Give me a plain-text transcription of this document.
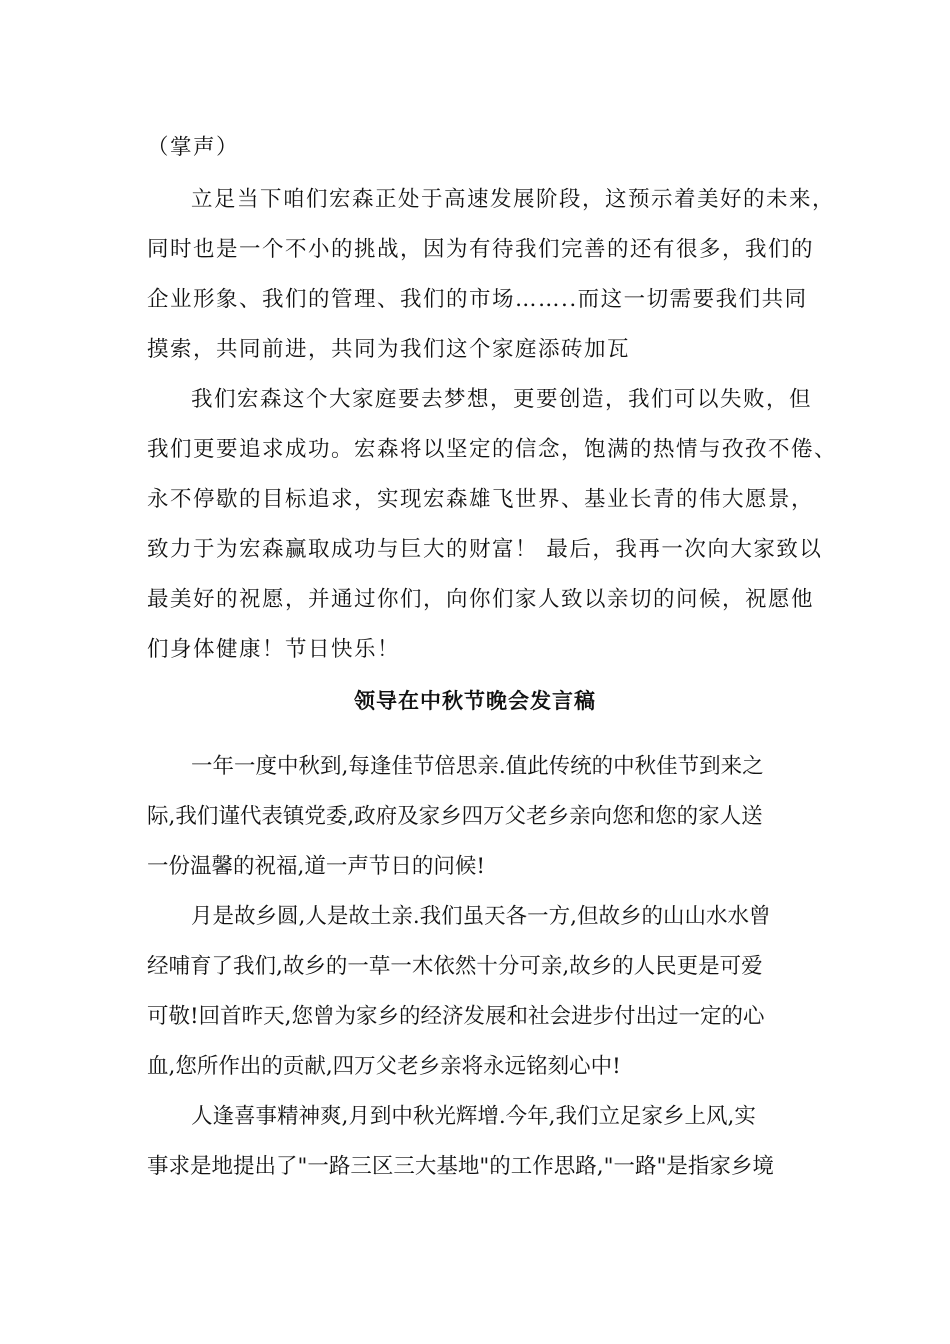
（掌声）
立足当下咱们宏森正处于高速发展阶段，这预示着美好的未来，
同时也是一个不小的挑战，因为有待我们完善的还有很多，我们的
企业形象、我们的管理、我们的市场……..而这一切需要我们共同
摸索，共同前进，共同为我们这个家庭添砖加瓦
我们宏森这个大家庭要去梦想，更要创造，我们可以失败，但
我们更要追求成功。宏森将以坚定的信念，饱满的热情与孜孜不倦、
永不停歇的目标追求，实现宏森雄飞世界、基业长青的伟大愿景，
致力于为宏森赢取成功与巨大的财富！ 最后，我再一次向大家致以
最美好的祝愿，并通过你们，向你们家人致以亲切的问候，祝愿他
们身体健康！节日快乐！
领导在中秋节晚会发言稿
一年一度中秋到,每逢佳节倍思亲.值此传统的中秋佳节到来之
际,我们谨代表镇党委,政府及家乡四万父老乡亲向您和您的家人送
一份温馨的祝福,道一声节日的问候!
月是故乡圆,人是故土亲.我们虽天各一方,但故乡的山山水水曾
经哺育了我们,故乡的一草一木依然十分可亲,故乡的人民更是可爱
可敬!回首昨天,您曾为家乡的经济发展和社会进步付出过一定的心
血,您所作出的贡献,四万父老乡亲将永远铭刻心中!
人逢喜事精神爽,月到中秋光辉增.今年,我们立足家乡上风,实
事求是地提出了"一路三区三大基地"的工作思路,"一路"是指家乡境
